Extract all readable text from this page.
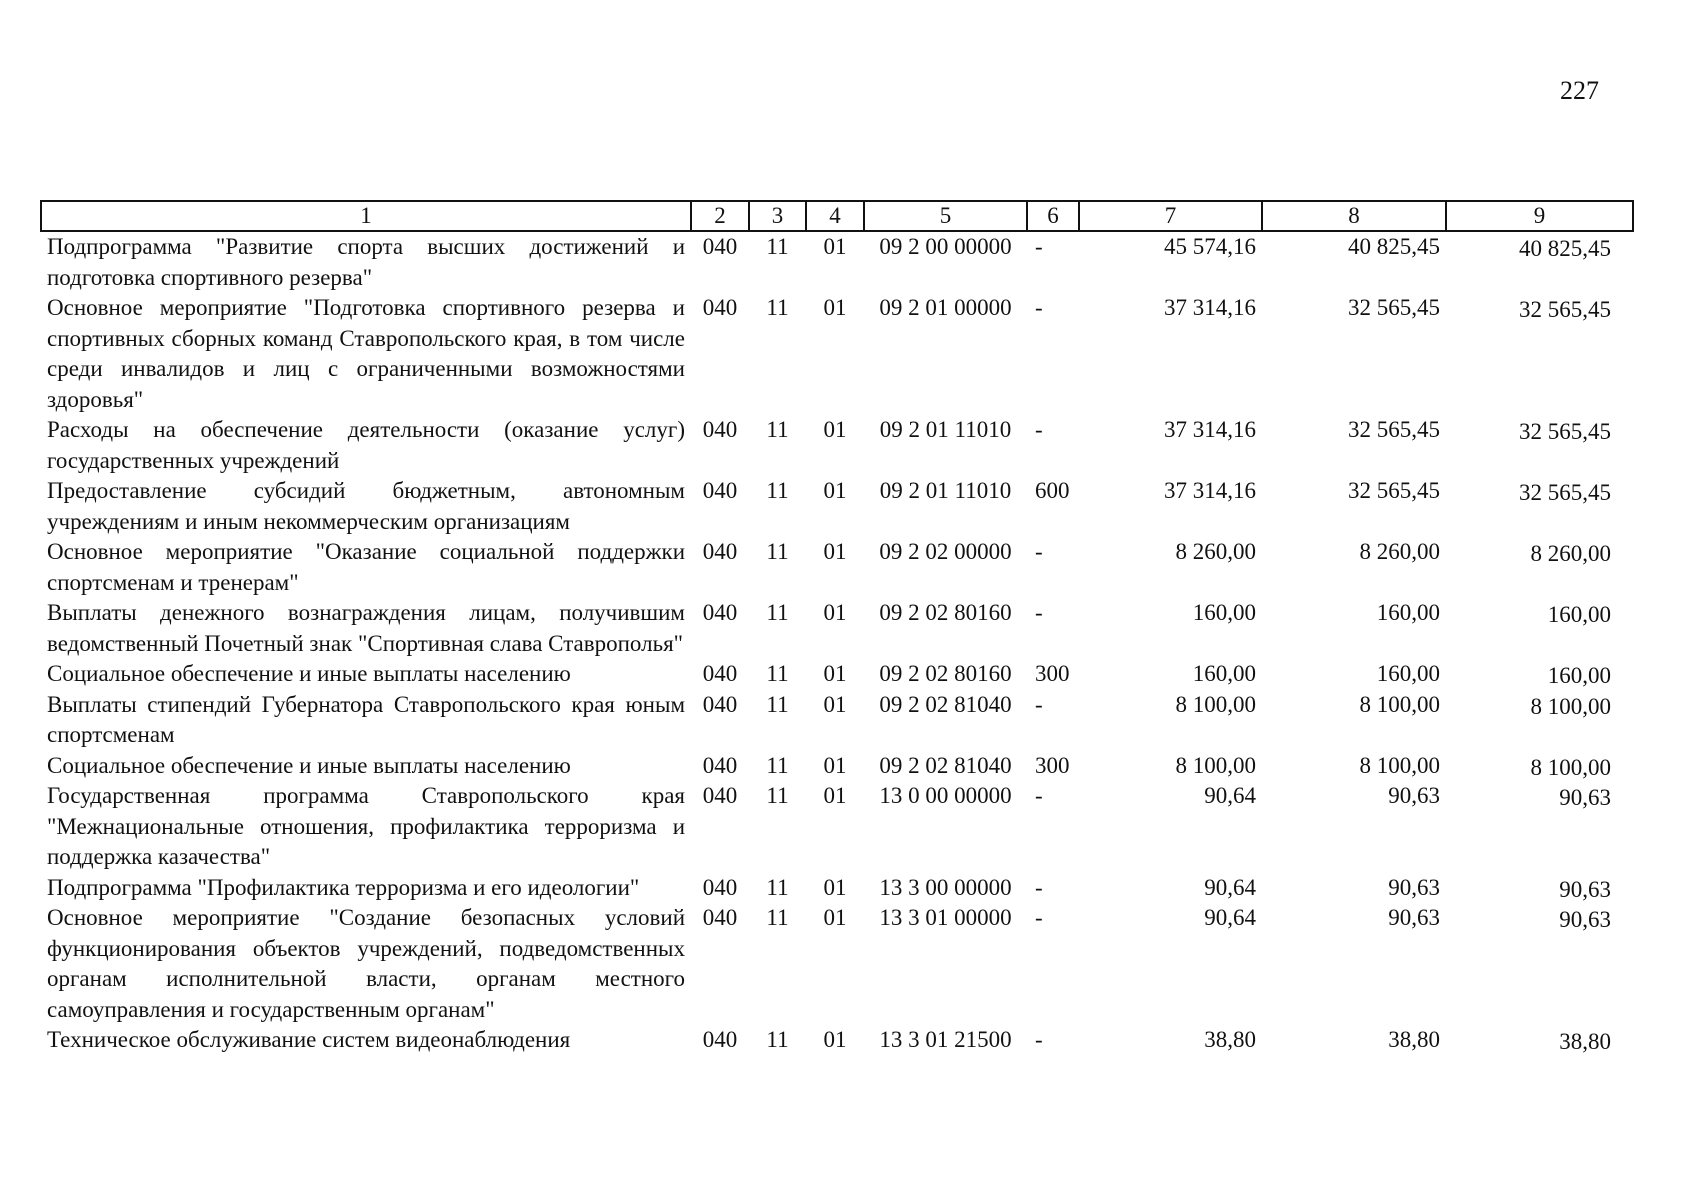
227
1	2	3	4	5	6	7	8	9
Подпрограмма "Развитие спорта высших достижений и подготовка спортивного резерва"	040	11	01	09 2 00 00000	-	45 574,16	40 825,45	40 825,45
Основное мероприятие "Подготовка спортивного резерва и спортивных сборных команд Ставропольского края, в том числе среди инвалидов и лиц с ограниченными возможностями здоровья"	040	11	01	09 2 01 00000	-	37 314,16	32 565,45	32 565,45
Расходы на обеспечение деятельности (оказание услуг) государственных учреждений	040	11	01	09 2 01 11010	-	37 314,16	32 565,45	32 565,45
Предоставление субсидий бюджетным, автономным учреждениям и иным некоммерческим организациям	040	11	01	09 2 01 11010	600	37 314,16	32 565,45	32 565,45
Основное мероприятие "Оказание социальной поддержки спортсменам и тренерам"	040	11	01	09 2 02 00000	-	8 260,00	8 260,00	8 260,00
Выплаты денежного вознаграждения лицам, получившим ведомственный Почетный знак "Спортивная слава Ставрополья"	040	11	01	09 2 02 80160	-	160,00	160,00	160,00
Социальное обеспечение и иные выплаты населению	040	11	01	09 2 02 80160	300	160,00	160,00	160,00
Выплаты стипендий Губернатора Ставропольского края юным спортсменам	040	11	01	09 2 02 81040	-	8 100,00	8 100,00	8 100,00
Социальное обеспечение и иные выплаты населению	040	11	01	09 2 02 81040	300	8 100,00	8 100,00	8 100,00
Государственная программа Ставропольского края "Межнациональные отношения, профилактика терроризма и поддержка казачества"	040	11	01	13 0 00 00000	-	90,64	90,63	90,63
Подпрограмма "Профилактика терроризма и его идеологии"	040	11	01	13 3 00 00000	-	90,64	90,63	90,63
Основное мероприятие "Создание безопасных условий функционирования объектов учреждений, подведомственных органам исполнительной власти, органам местного самоуправления и государственным органам"	040	11	01	13 3 01 00000	-	90,64	90,63	90,63
Техническое обслуживание систем видеонаблюдения	040	11	01	13 3 01 21500	-	38,80	38,80	38,80
